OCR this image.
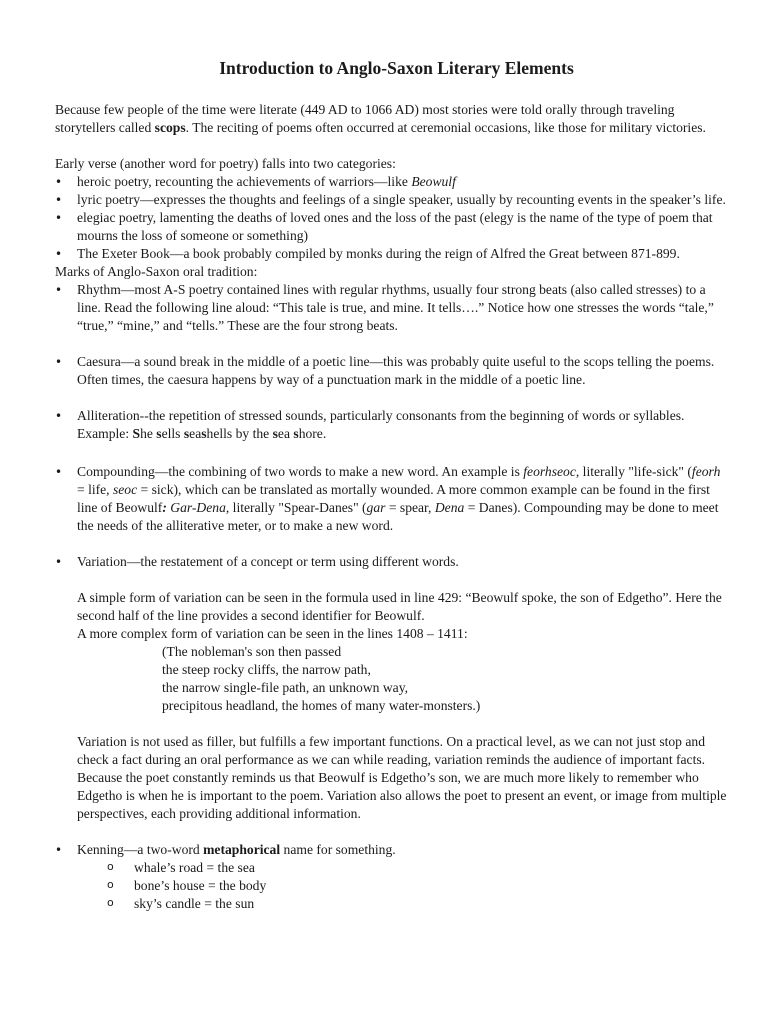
Introduction to Anglo-Saxon Literary Elements

Because few people of the time were literate (449 AD to 1066 AD) most stories were told orally through traveling storytellers called scops. The reciting of poems often occurred at ceremonial occasions, like those for military victories.

Early verse (another word for poetry) falls into two categories:

• heroic poetry, recounting the achievements of warriors—like Beowulf
• lyric poetry—expresses the thoughts and feelings of a single speaker, usually by recounting events in the speaker’s life.
• elegiac poetry, lamenting the deaths of loved ones and the loss of the past (elegy is the name of the type of poem that mourns the loss of someone or something)
• The Exeter Book—a book probably compiled by monks during the reign of Alfred the Great between 871-899.

Marks of Anglo-Saxon oral tradition:

• Rhythm—most A-S poetry contained lines with regular rhythms, usually four strong beats (also called stresses) to a line. Read the following line aloud: “This tale is true, and mine. It tells….” Notice how one stresses the words “tale,” “true,” “mine,” and “tells.” These are the four strong beats.
• Caesura—a sound break in the middle of a poetic line—this was probably quite useful to the scops telling the poems. Often times, the caesura happens by way of a punctuation mark in the middle of a poetic line.
• Alliteration--the repetition of stressed sounds, particularly consonants from the beginning of words or syllables. Example: She sells seashells by the sea shore.
• Compounding—the combining of two words to make a new word. An example is feorhseoc, literally "life-sick" (feorh = life, seoc = sick), which can be translated as mortally wounded. A more common example can be found in the first line of Beowulf: Gar-Dena, literally "Spear-Danes" (gar = spear, Dena = Danes). Compounding may be done to meet the needs of the alliterative meter, or to make a new word.

• Variation—the restatement of a concept or term using different words.

A simple form of variation can be seen in the formula used in line 429: “Beowulf spoke, the son of Edgetho”. Here the second half of the line provides a second identifier for Beowulf.

A more complex form of variation can be seen in the lines 1408 – 1411:

(The nobleman's son then passed
the steep rocky cliffs, the narrow path,
the narrow single-file path, an unknown way,
precipitous headland, the homes of many water-monsters.)

Variation is not used as filler, but fulfills a few important functions. On a practical level, as we can not just stop and check a fact during an oral performance as we can while reading, variation reminds the audience of important facts. Because the poet constantly reminds us that Beowulf is Edgetho’s son, we are much more likely to remember who Edgetho is when he is important to the poem. Variation also allows the poet to present an event, or image from multiple perspectives, each providing additional information.

• Kenning—a two-word metaphorical name for something.

o whale’s road = the sea
o bone’s house = the body
o sky’s candle = the sun
